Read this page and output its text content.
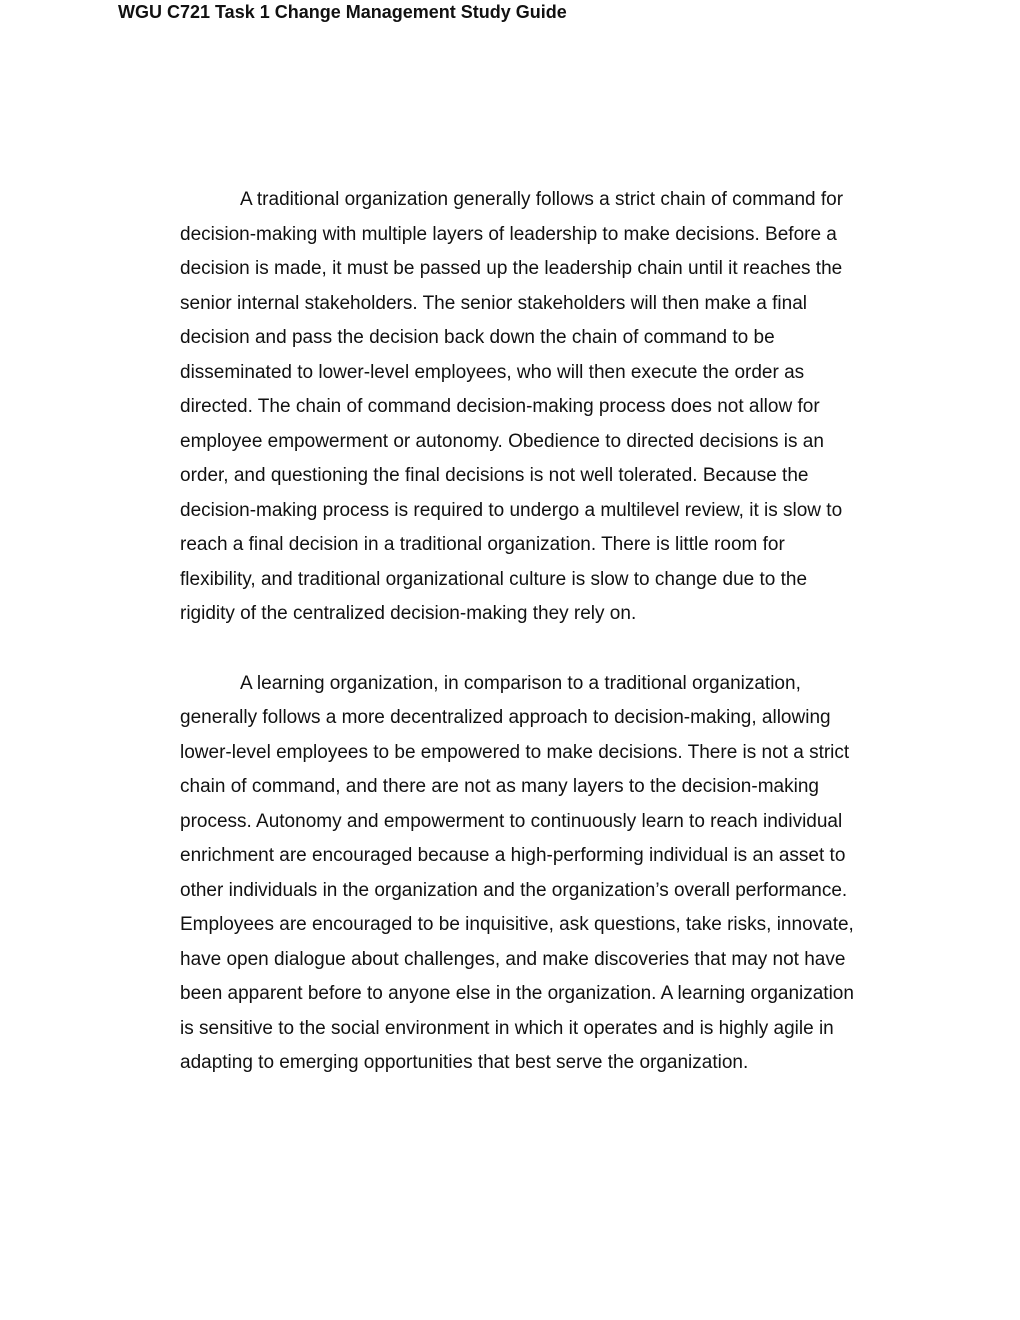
WGU C721 Task 1 Change Management Study Guide

A traditional organization generally follows a strict chain of command for
decision-making with multiple layers of leadership to make decisions. Before a
decision is made, it must be passed up the leadership chain until it reaches the
senior internal stakeholders. The senior stakeholders will then make a final
decision and pass the decision back down the chain of command to be
disseminated to lower-level employees, who will then execute the order as
directed. The chain of command decision-making process does not allow for
employee empowerment or autonomy. Obedience to directed decisions is an
order, and questioning the final decisions is not well tolerated. Because the
decision-making process is required to undergo a multilevel review, it is slow to
reach a final decision in a traditional organization. There is little room for
flexibility, and traditional organizational culture is slow to change due to the
rigidity of the centralized decision-making they rely on.

A learning organization, in comparison to a traditional organization,
generally follows a more decentralized approach to decision-making, allowing
lower-level employees to be empowered to make decisions. There is not a strict
chain of command, and there are not as many layers to the decision-making
process. Autonomy and empowerment to continuously learn to reach individual
enrichment are encouraged because a high-performing individual is an asset to
other individuals in the organization and the organization’s overall performance.
Employees are encouraged to be inquisitive, ask questions, take risks, innovate,
have open dialogue about challenges, and make discoveries that may not have
been apparent before to anyone else in the organization. A learning organization
is sensitive to the social environment in which it operates and is highly agile in
adapting to emerging opportunities that best serve the organization.
